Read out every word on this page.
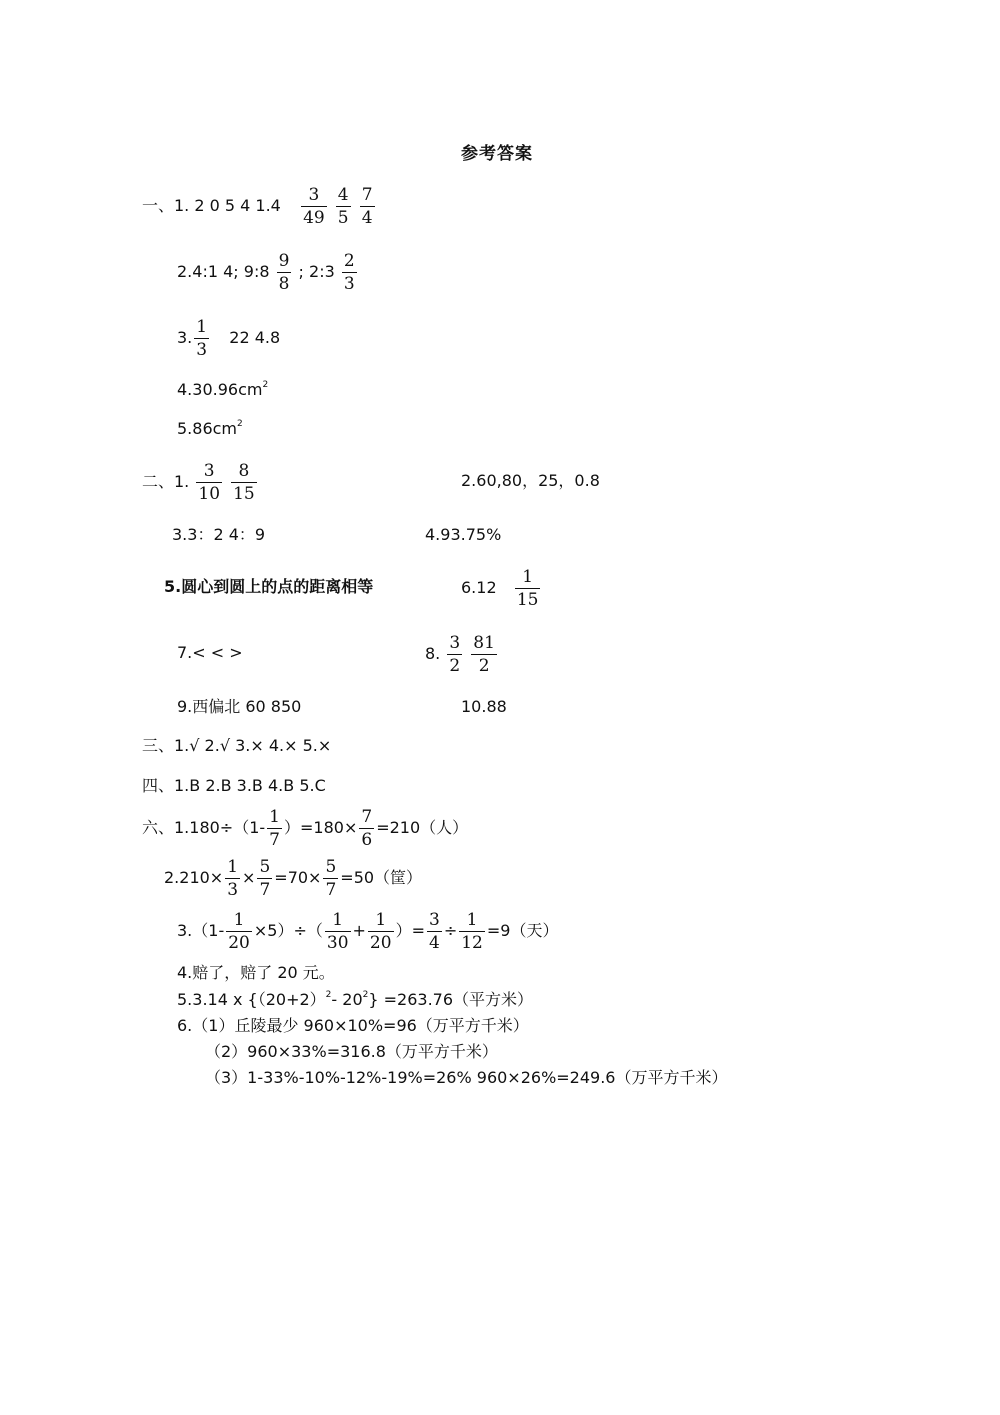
参考答案
一、1. 2 0 5 4 $1.4 \frac{3}{49}$
$\frac{4}{5}$
$\frac{7}{4}$
2.4:1 4; 9:8 $\frac{9}{8}$ ; 2:3 $\frac{2}{3}$
3. $\frac{1}{3} 22$ 4.8
$4.30.96cm^2$
$5.86cm^2$
二、1. $\frac{3}{10}$
$\frac{8}{15}$	2.60,80，25，0.8
3.3：2 4：9	4.93.75%
5.圆心到圆上的点的距离相等	$6.12 \frac{1}{15}$
7.< < >	8. $\frac{3}{2}$
$\frac{81}{2}$
9.西偏北 60 850	10.88
三、1.√ 2.√ 3.× 4.× 5.×
四、1.B 2.B 3.B 4.B 5.C
六、$1.180\div(1- \frac{1}{7} )=180\times \frac{7}{6} =210$（人）
$2.210\times \frac{1}{3} \times \frac{5}{7} =70\times \frac{5}{7} =50$（筐）
$3.(1- \frac{1}{20} \times 5)\div( \frac{1}{30} + \frac{1}{20}$ ）= $\frac{3}{4} \div \frac{1}{12} =9$（天）
4.赔了，赔了 20 元。
5.3.14 x {$(20+2)^2-$ $20^2\} =263.76$（平方米）
6.（1）丘陵最少 960×10%=96（万平方千米）
（2）960×33%=316.8（万平方千米）
（3）1-33%-10%-12%-19%=26% 960×26%=249.6（万平方千米）
